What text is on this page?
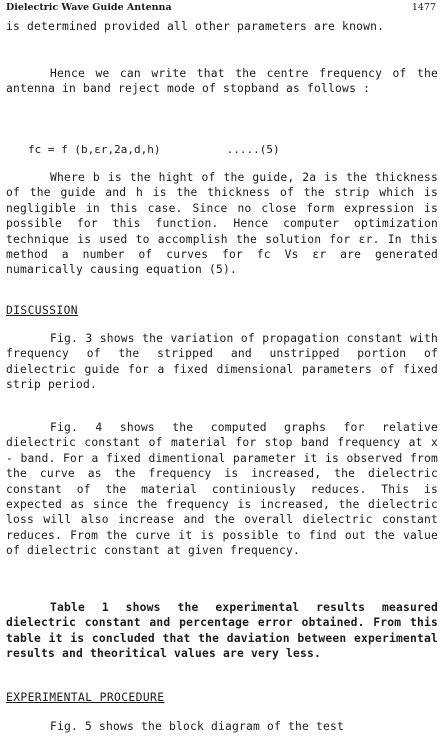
Dielectric Wave Guide Antenna	1477

is determined provided all other parameters are known.

Hence we can write that the centre frequency of the antenna in band reject mode of stopband as follows :

fc = f (b,εr,2a,d,h)          .....(5)

Where b is the hight of the guide, 2a is the thickness of the guide and h is the thickness of the strip which is negligible in this case. Since no close form expression is possible for this function. Hence computer optimization technique is used to accomplish the solution for εr. In this method a number of curves for fc Vs εr are generated numarically causing equation (5).

DISCUSSION

Fig. 3 shows the variation of propagation constant with frequency of the stripped and unstripped portion of dielectric guide for a fixed dimensional parameters of fixed strip period.

Fig. 4 shows the computed graphs for relative dielectric constant of material for stop band frequency at x - band. For a fixed dimentional parameter it is observed from the curve as the frequency is increased, the dielectric constant of the material continiously reduces. This is expected as since the frequency is increased, the dielectric loss will also increase and the overall dielectric constant reduces. From the curve it is possible to find out the value of dielectric constant at given frequency.

Table 1 shows the experimental results measured dielectric constant and percentage error obtained. From this table it is concluded that the daviation between experimental results and theoritical values are very less.

EXPERIMENTAL PROCEDURE

Fig. 5 shows the block diagram of the test
